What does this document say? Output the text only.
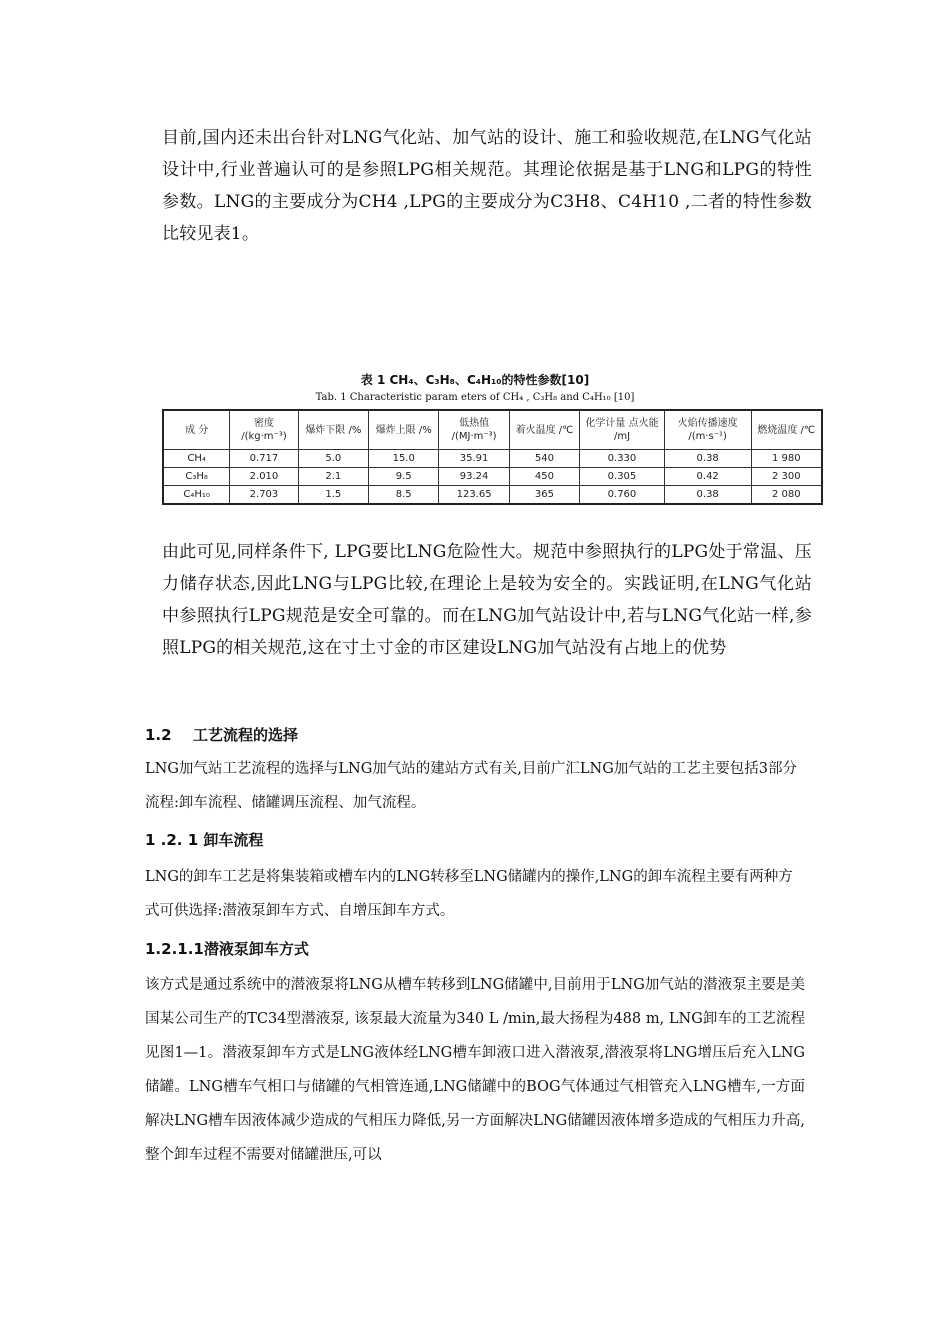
目前,国内还未出台针对LNG气化站、加气站的设计、施工和验收规范,在LNG气化站设计中,行业普遍认可的是参照LPG相关规范。其理论依据是基于LNG和LPG的特性参数。LNG的主要成分为CH4 ,LPG的主要成分为C3H8、C4H10 ,二者的特性参数比较见表1。

表 1 CH₄、C₃H₈、C₄H₁₀的特性参数[10]

Tab. 1 Characteristic param eters of CH₄ , C₃H₈ and C₄H₁₀ [10]

成 分	密度 /(kg·m⁻³)	爆炸下限 /%	爆炸上限 /%	低热值 /(MJ·m⁻³)	着火温度 /℃	化学计量 点火能 /mJ	火焰传播速度 /(m·s⁻¹)	燃烧温度 /℃
CH₄	0.717	5.0	15.0	35.91	540	0.330	0.38	1 980
C₃H₈	2.010	2.1	9.5	93.24	450	0.305	0.42	2 300
C₄H₁₀	2.703	1.5	8.5	123.65	365	0.760	0.38	2 080

由此可见,同样条件下, LPG要比LNG危险性大。规范中参照执行的LPG处于常温、压力储存状态,因此LNG与LPG比较,在理论上是较为安全的。实践证明,在LNG气化站中参照执行LPG规范是安全可靠的。而在LNG加气站设计中,若与LNG气化站一样,参照LPG的相关规范,这在寸土寸金的市区建设LNG加气站没有占地上的优势

1.2 工艺流程的选择

LNG加气站工艺流程的选择与LNG加气站的建站方式有关,目前广汇LNG加气站的工艺主要包括3部分流程:卸车流程、储罐调压流程、加气流程。

1 .2. 1 卸车流程

LNG的卸车工艺是将集装箱或槽车内的LNG转移至LNG储罐内的操作,LNG的卸车流程主要有两种方式可供选择:潜液泵卸车方式、自增压卸车方式。

1.2.1.1潜液泵卸车方式

该方式是通过系统中的潜液泵将LNG从槽车转移到LNG储罐中,目前用于LNG加气站的潜液泵主要是美国某公司生产的TC34型潜液泵, 该泵最大流量为340 L /min,最大扬程为488 m, LNG卸车的工艺流程见图1—1。潜液泵卸车方式是LNG液体经LNG槽车卸液口进入潜液泵,潜液泵将LNG增压后充入LNG储罐。LNG槽车气相口与储罐的气相管连通,LNG储罐中的BOG气体通过气相管充入LNG槽车,一方面解决LNG槽车因液体减少造成的气相压力降低,另一方面解决LNG储罐因液体增多造成的气相压力升高,整个卸车过程不需要对储罐泄压,可以
